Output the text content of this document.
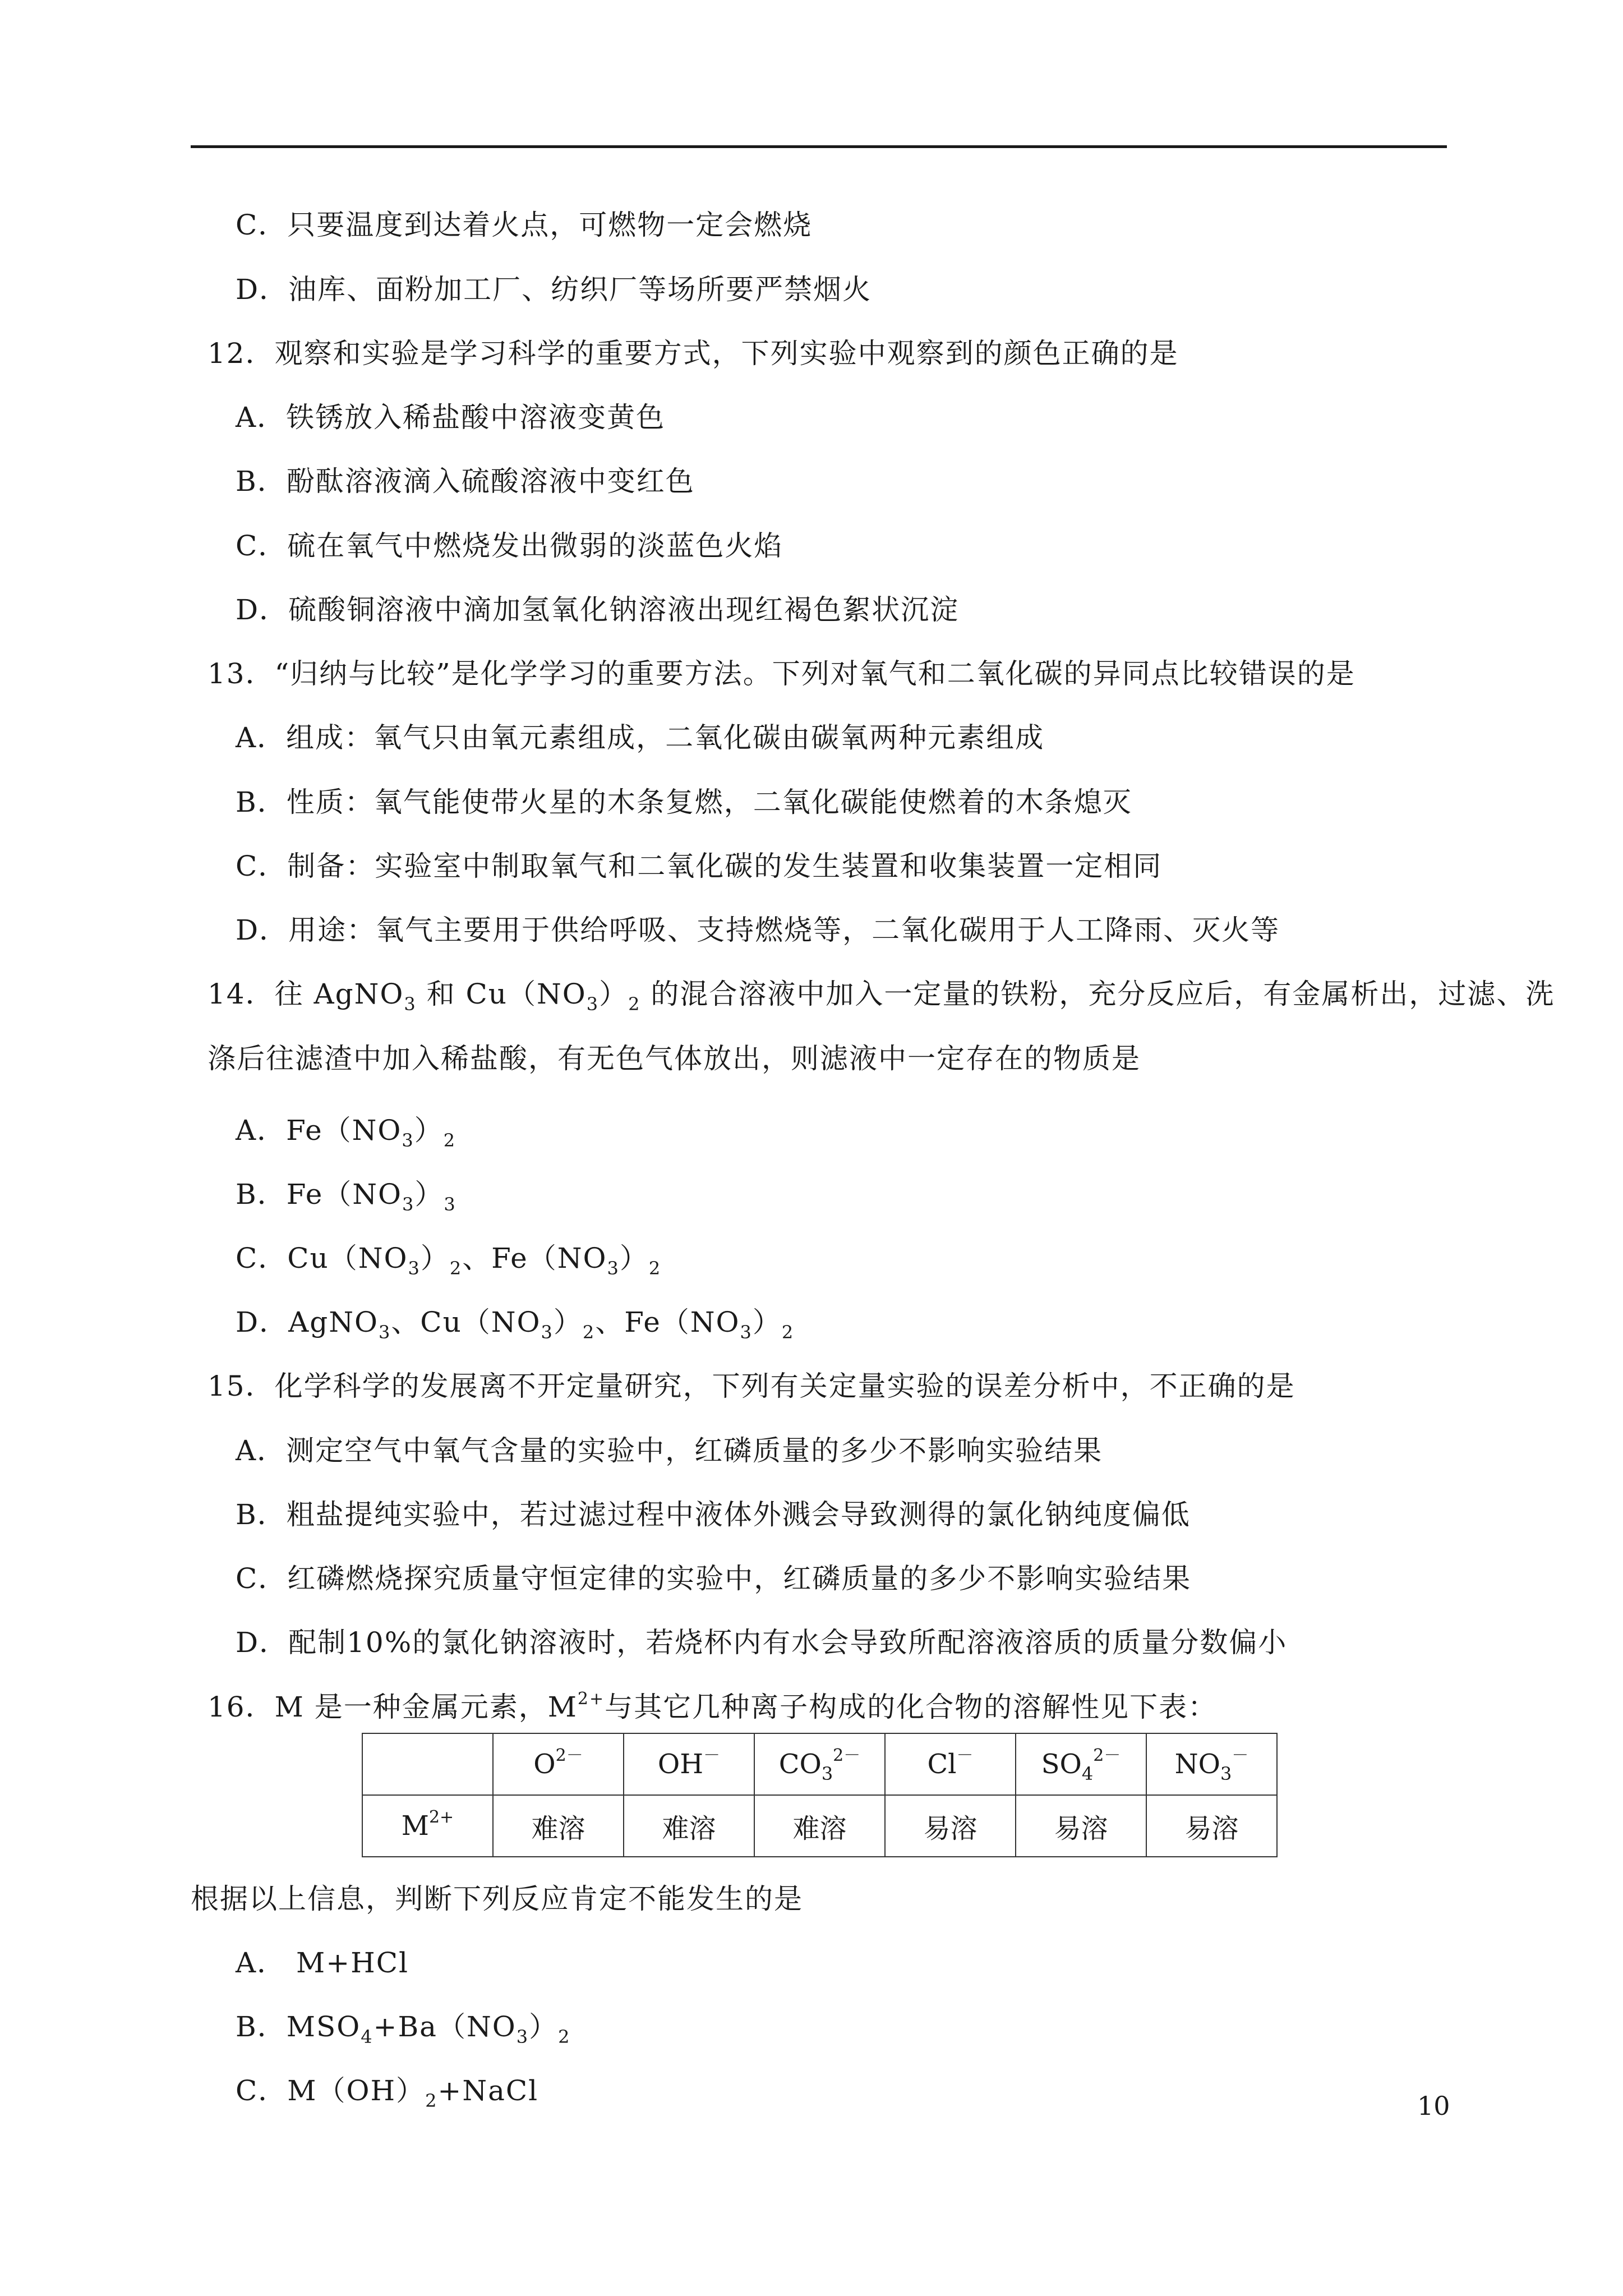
C．只要温度到达着火点，可燃物一定会燃烧
D．油库、面粉加工厂、纺织厂等场所要严禁烟火
12．观察和实验是学习科学的重要方式，下列实验中观察到的颜色正确的是
A．铁锈放入稀盐酸中溶液变黄色
B．酚酞溶液滴入硫酸溶液中变红色
C．硫在氧气中燃烧发出微弱的淡蓝色火焰
D．硫酸铜溶液中滴加氢氧化钠溶液出现红褐色絮状沉淀
13．“归纳与比较”是化学学习的重要方法。下列对氧气和二氧化碳的异同点比较错误的是
A．组成：氧气只由氧元素组成，二氧化碳由碳氧两种元素组成
B．性质：氧气能使带火星的木条复燃，二氧化碳能使燃着的木条熄灭
C．制备：实验室中制取氧气和二氧化碳的发生装置和收集装置一定相同
D．用途：氧气主要用于供给呼吸、支持燃烧等，二氧化碳用于人工降雨、灭火等
14．往 AgNO$_3$ 和 $Cu(NO_3)_2$ 的混合溶液中加入一定量的铁粉，充分反应后，有金属析出，过滤、洗
涤后往滤渣中加入稀盐酸，有无色气体放出，则滤液中一定存在的物质是
A．$Fe(NO_3)_2$
B．$Fe(NO_3)_3$
C．$Cu(NO_3)_2$、$Fe(NO_3)_2$
D．AgNO$_3$、$Cu(NO_3)_2$、$Fe(NO_3)_2$
15．化学科学的发展离不开定量研究，下列有关定量实验的误差分析中，不正确的是
A．测定空气中氧气含量的实验中，红磷质量的多少不影响实验结果
B．粗盐提纯实验中，若过滤过程中液体外溅会导致测得的氯化钠纯度偏低
C．红磷燃烧探究质量守恒定律的实验中，红磷质量的多少不影响实验结果
D．配制10%的氯化钠溶液时，若烧杯内有水会导致所配溶液溶质的质量分数偏小
16．M 是一种金属元素，$M^{2+}$与其它几种离子构成的化合物的溶解性见下表：
	$O^{2-}$	OH－	$CO_3^{2-}$	Cl－	$SO_4^{2-}$	$NO_3^-$
$M^{2+}$	难溶	难溶	难溶	易溶	易溶	易溶
根据以上信息，判断下列反应肯定不能发生的是
A． M+HCl
B．$MSO_4+Ba(NO_3)_2$
C．$M(OH)_2+NaCl$	10
